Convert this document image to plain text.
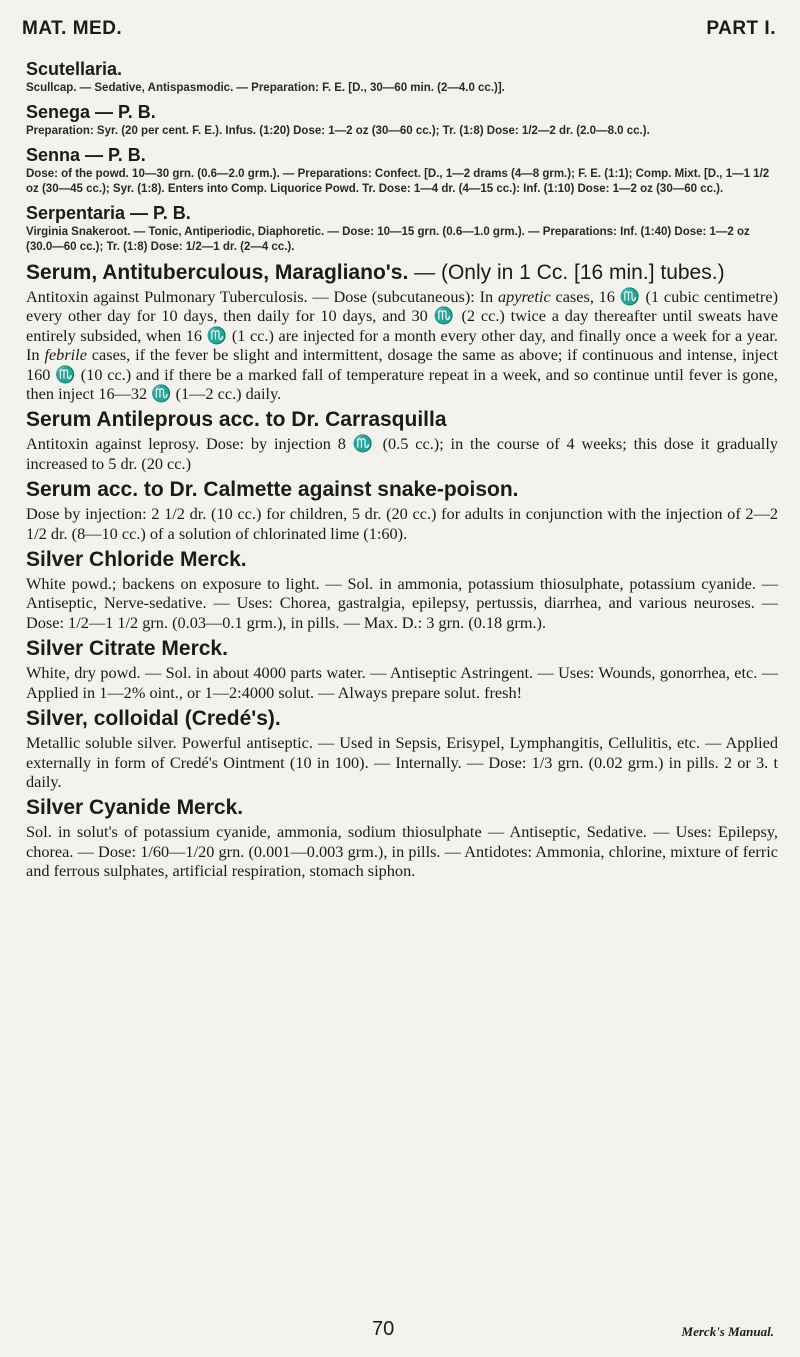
MAT. MED.	PART I.
Scutellaria.
Scullcap. — Sedative, Antispasmodic. — Preparation: F. E. [D., 30—60 min. (2—4.0 cc.)].
Senega — P. B.
Preparation: Syr. (20 per cent. F. E.). Infus. (1:20) Dose: 1—2 oz (30—60 cc.); Tr. (1:8) Dose: 1/2—2 dr. (2.0—8.0 cc.).
Senna — P. B.
Dose: of the powd. 10—30 grn. (0.6—2.0 grm.). — Preparations: Confect. [D., 1—2 drams (4—8 grm.); F. E. (1:1); Comp. Mixt. [D., 1—1 1/2 oz (30—45 cc.); Syr. (1:8). Enters into Comp. Liquorice Powd. Tr. Dose: 1—4 dr. (4—15 cc.): Inf. (1:10) Dose: 1—2 oz (30—60 cc.).
Serpentaria — P. B.
Virginia Snakeroot. — Tonic, Antiperiodic, Diaphoretic. — Dose: 10—15 grn. (0.6—1.0 grm.). — Preparations: Inf. (1:40) Dose: 1—2 oz (30.0—60 cc.); Tr. (1:8) Dose: 1/2—1 dr. (2—4 cc.).
Serum, Antituberculous, Maragliano's. — (Only in 1 Cc. [16 min.] tubes.)
Antitoxin against Pulmonary Tuberculosis. — Dose (subcutaneous): In apyretic cases, 16 ♏ (1 cubic centimetre) every other day for 10 days, then daily for 10 days, and 30 ♏ (2 cc.) twice a day thereafter until sweats have entirely subsided, when 16 ♏ (1 cc.) are injected for a month every other day, and finally once a week for a year. In febrile cases, if the fever be slight and intermittent, dosage the same as above; if continuous and intense, inject 160 ♏ (10 cc.) and if there be a marked fall of temperature repeat in a week, and so continue until fever is gone, then inject 16—32 ♏ (1—2 cc.) daily.
Serum Antileprous acc. to Dr. Carrasquilla
Antitoxin against leprosy. Dose: by injection 8 ♏ (0.5 cc.); in the course of 4 weeks; this dose it gradually increased to 5 dr. (20 cc.)
Serum acc. to Dr. Calmette against snake-poison.
Dose by injection: 2 1/2 dr. (10 cc.) for children, 5 dr. (20 cc.) for adults in conjunction with the injection of 2—2 1/2 dr. (8—10 cc.) of a solution of chlorinated lime (1:60).
Silver Chloride Merck.
White powd.; backens on exposure to light. — Sol. in ammonia, potassium thiosulphate, potassium cyanide. — Antiseptic, Nerve-sedative. — Uses: Chorea, gastralgia, epilepsy, pertussis, diarrhea, and various neuroses. — Dose: 1/2—1 1/2 grn. (0.03—0.1 grm.), in pills. — Max. D.: 3 grn. (0.18 grm.).
Silver Citrate Merck.
White, dry powd. — Sol. in about 4000 parts water. — Antiseptic Astringent. — Uses: Wounds, gonorrhea, etc. — Applied in 1—2% oint., or 1—2:4000 solut. — Always prepare solut. fresh!
Silver, colloidal (Credé's).
Metallic soluble silver. Powerful antiseptic. — Used in Sepsis, Erisypel, Lymphangitis, Cellulitis, etc. — Applied externally in form of Credé's Ointment (10 in 100). — Internally. — Dose: 1/3 grn. (0.02 grm.) in pills. 2 or 3. t daily.
Silver Cyanide Merck.
Sol. in solut's of potassium cyanide, ammonia, sodium thiosulphate — Antiseptic, Sedative. — Uses: Epilepsy, chorea. — Dose: 1/60—1/20 grn. (0.001—0.003 grm.), in pills. — Antidotes: Ammonia, chlorine, mixture of ferric and ferrous sulphates, artificial respiration, stomach siphon.
70	Merck's Manual.
